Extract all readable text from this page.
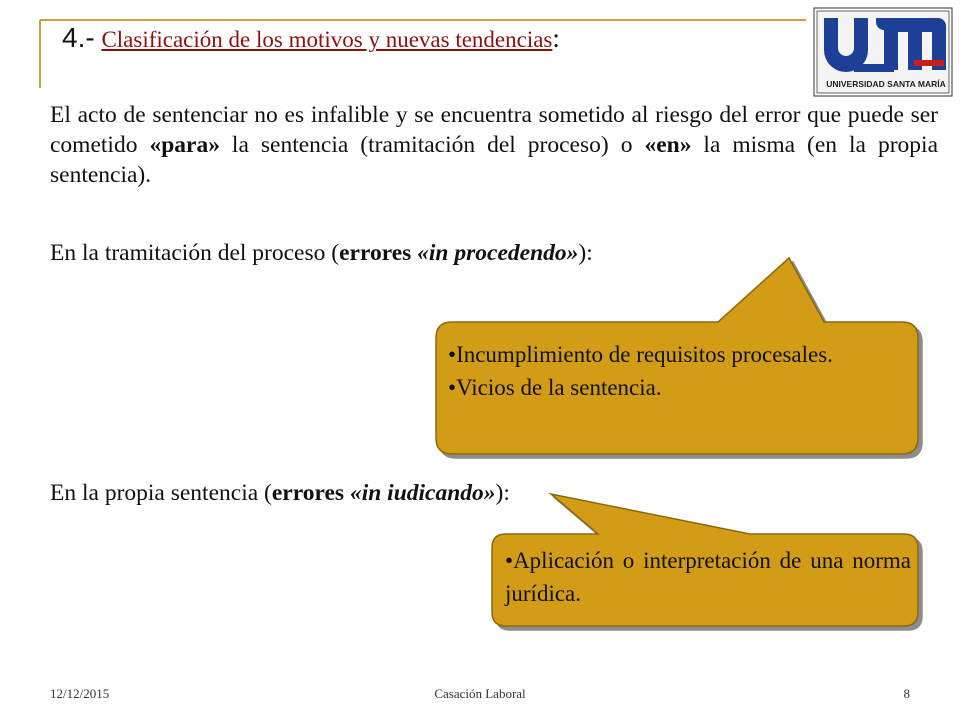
4.- Clasificación de los motivos y nuevas tendencias:
UNIVERSIDAD SANTA MARÍA
El acto de sentenciar no es infalible y se encuentra sometido al riesgo del error que puede ser cometido «para» la sentencia (tramitación del proceso) o «en» la misma (en la propia sentencia).
En la tramitación del proceso (errores «in procedendo»):
• Incumplimiento de requisitos procesales.
• Vicios de la sentencia.
En la propia sentencia (errores «in iudicando»):
• Aplicación o interpretación de una norma jurídica.
12/12/2015	Casación Laboral	8
